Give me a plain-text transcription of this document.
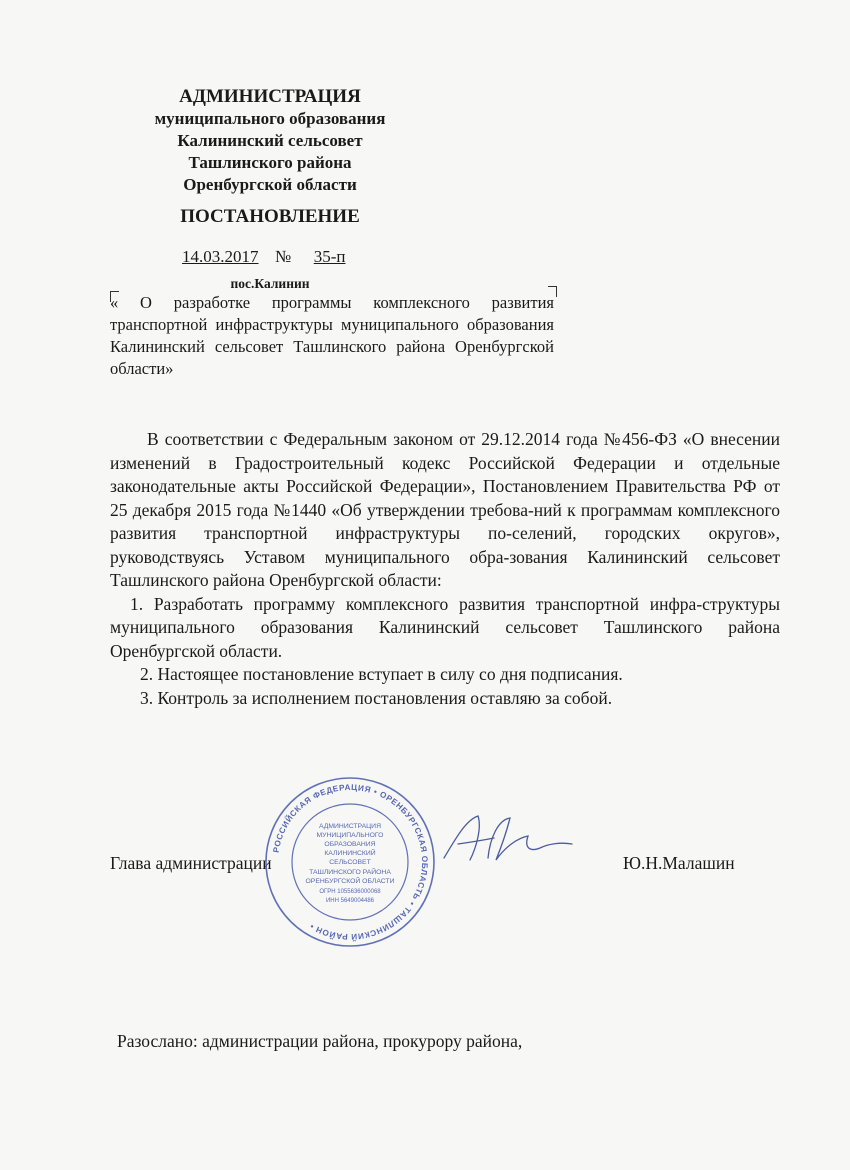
АДМИНИСТРАЦИЯ
муниципального образования
Калининский сельсовет
Ташлинского района
Оренбургской области
ПОСТАНОВЛЕНИЕ
14.03.2017 № 35-п
пос.Калинин
« О разработке программы комплексного развития транспортной инфраструктуры муниципального образования Калининский сельсовет Ташлинского района Оренбургской области»

В соответствии с Федеральным законом от 29.12.2014 года №456-ФЗ «О внесении изменений в Градостроительный кодекс Российской Федерации и отдельные законодательные акты Российской Федерации», Постановлением Правительства РФ от 25 декабря 2015 года №1440 «Об утверждении требова-ний к программам комплексного развития транспортной инфраструктуры по-селений, городских округов», руководствуясь Уставом муниципального обра-зования Калининский сельсовет Ташлинского района Оренбургской области:

1. Разработать программу комплексного развития транспортной инфра-структуры муниципального образования Калининский сельсовет Ташлинского района Оренбургской области.
2. Настоящее постановление вступает в силу со дня подписания.
3. Контроль за исполнением постановления оставляю за собой.
Глава администрации	Ю.Н.Малашин
РОССИЙСКАЯ ФЕДЕРАЦИЯ • ОРЕНБУРГСКАЯ ОБЛАСТЬ • ТАШЛИНСКИЙ РАЙОН •
АДМИНИСТРАЦИЯ
МУНИЦИПАЛЬНОГО
ОБРАЗОВАНИЯ
КАЛИНИНСКИЙ
СЕЛЬСОВЕТ
ТАШЛИНСКОГО РАЙОНА
ОРЕНБУРГСКОЙ ОБЛАСТИ
ОГРН 1055636000068
ИНН 5649004486
Разослано: администрации района, прокурору района,
